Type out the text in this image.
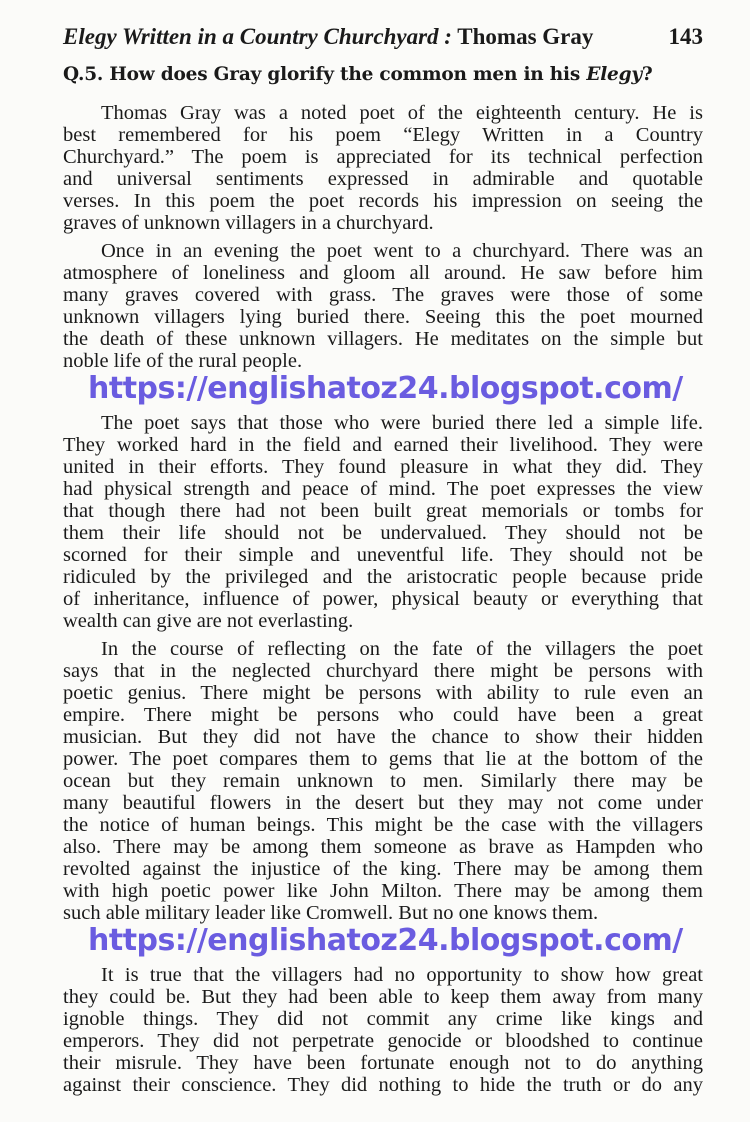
Elegy Written in a Country Churchyard : Thomas Gray	143
Q.5. How does Gray glorify the common men in his Elegy?
Thomas Gray was a noted poet of the eighteenth century. He is
best remembered for his poem “Elegy Written in a Country
Churchyard.” The poem is appreciated for its technical perfection
and universal sentiments expressed in admirable and quotable
verses. In this poem the poet records his impression on seeing the
graves of unknown villagers in a churchyard.
Once in an evening the poet went to a churchyard. There was an
atmosphere of loneliness and gloom all around. He saw before him
many graves covered with grass. The graves were those of some
unknown villagers lying buried there. Seeing this the poet mourned
the death of these unknown villagers. He meditates on the simple but
noble life of the rural people.
https://englishatoz24.blogspot.com/
The poet says that those who were buried there led a simple life.
They worked hard in the field and earned their livelihood. They were
united in their efforts. They found pleasure in what they did. They
had physical strength and peace of mind. The poet expresses the view
that though there had not been built great memorials or tombs for
them their life should not be undervalued. They should not be
scorned for their simple and uneventful life. They should not be
ridiculed by the privileged and the aristocratic people because pride
of inheritance, influence of power, physical beauty or everything that
wealth can give are not everlasting.
In the course of reflecting on the fate of the villagers the poet
says that in the neglected churchyard there might be persons with
poetic genius. There might be persons with ability to rule even an
empire. There might be persons who could have been a great
musician. But they did not have the chance to show their hidden
power. The poet compares them to gems that lie at the bottom of the
ocean but they remain unknown to men. Similarly there may be
many beautiful flowers in the desert but they may not come under
the notice of human beings. This might be the case with the villagers
also. There may be among them someone as brave as Hampden who
revolted against the injustice of the king. There may be among them
with high poetic power like John Milton. There may be among them
such able military leader like Cromwell. But no one knows them.
https://englishatoz24.blogspot.com/
It is true that the villagers had no opportunity to show how great
they could be. But they had been able to keep them away from many
ignoble things. They did not commit any crime like kings and
emperors. They did not perpetrate genocide or bloodshed to continue
their misrule. They have been fortunate enough not to do anything
against their conscience. They did nothing to hide the truth or do any
